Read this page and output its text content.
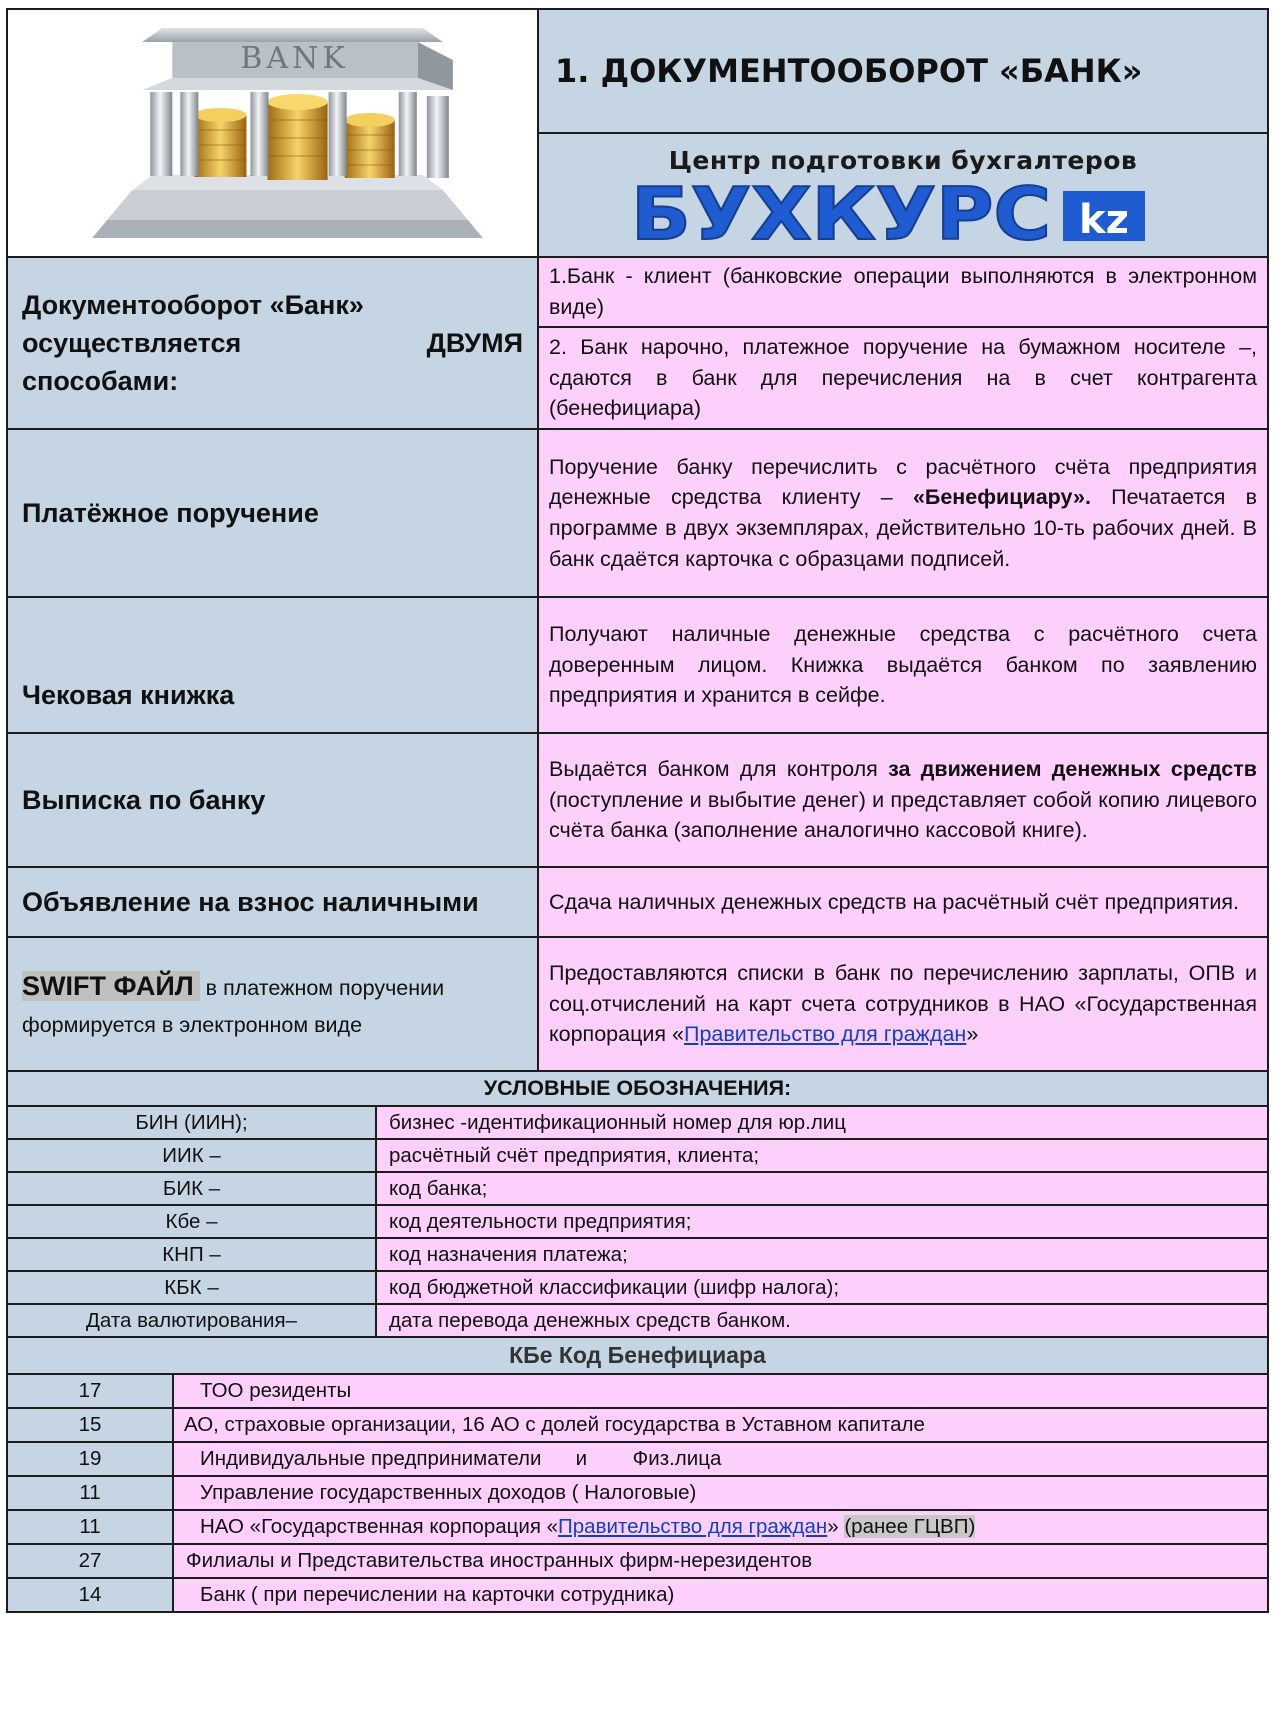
BANK	1. ДОКУМЕНТООБОРОТ «БАНК»

Центр подготовки бухгалтеров
БУХКУРС kz
Документооборот «Банк»
осуществляется ДВУМЯ
способами:	1.Банк - клиент (банковские операции выполняются в электронном виде)
	2. Банк нарочно, платежное поручение на бумажном носителе –, сдаются в банк для перечисления на в счет контрагента (бенефициара)
Платёжное поручение	Поручение банку перечислить с расчётного счёта предприятия денежные средства клиенту – «Бенефициару». Печатается в программе в двух экземплярах, действительно 10-ть рабочих дней. В банк сдаётся карточка с образцами подписей.
Чековая книжка	Получают наличные денежные средства с расчётного счета доверенным лицом. Книжка выдаётся банком по заявлению предприятия и хранится в сейфе.
Выписка по банку	Выдаётся банком для контроля за движением денежных средств (поступление и выбытие денег) и представляет собой копию лицевого счёта банка (заполнение аналогично кассовой книге).
Объявление на взнос наличными	Сдача наличных денежных средств на расчётный счёт предприятия.
SWIFT ФАЙЛ в платежном поручении формируется в электронном виде	Предоставляются списки в банк по перечислению зарплаты, ОПВ и соц.отчислений на карт счета сотрудников в НАО «Государственная корпорация «Правительство для граждан»
УСЛОВНЫЕ ОБОЗНАЧЕНИЯ:	
БИН (ИИН);	бизнес -идентификационный номер для юр.лиц
ИИК –	расчётный счёт предприятия, клиента;
БИК –	код банка;
Кбе –	код деятельности предприятия;
КНП –	код назначения платежа;
КБК –	код бюджетной классификации (шифр налога);
Дата валютирования–	дата перевода денежных средств банком.
КБе Код Бенефициара	
17	ТОО резиденты
15	АО, страховые организации, 16 АО с долей государства в Уставном капитале
19	Индивидуальные предприниматели      и        Физ.лица
11	Управление государственных доходов ( Налоговые)
11	НАО «Государственная корпорация «Правительство для граждан» (ранее ГЦВП)
27	Филиалы и Представительства иностранных фирм-нерезидентов
14	Банк ( при перечислении на карточки сотрудника)
